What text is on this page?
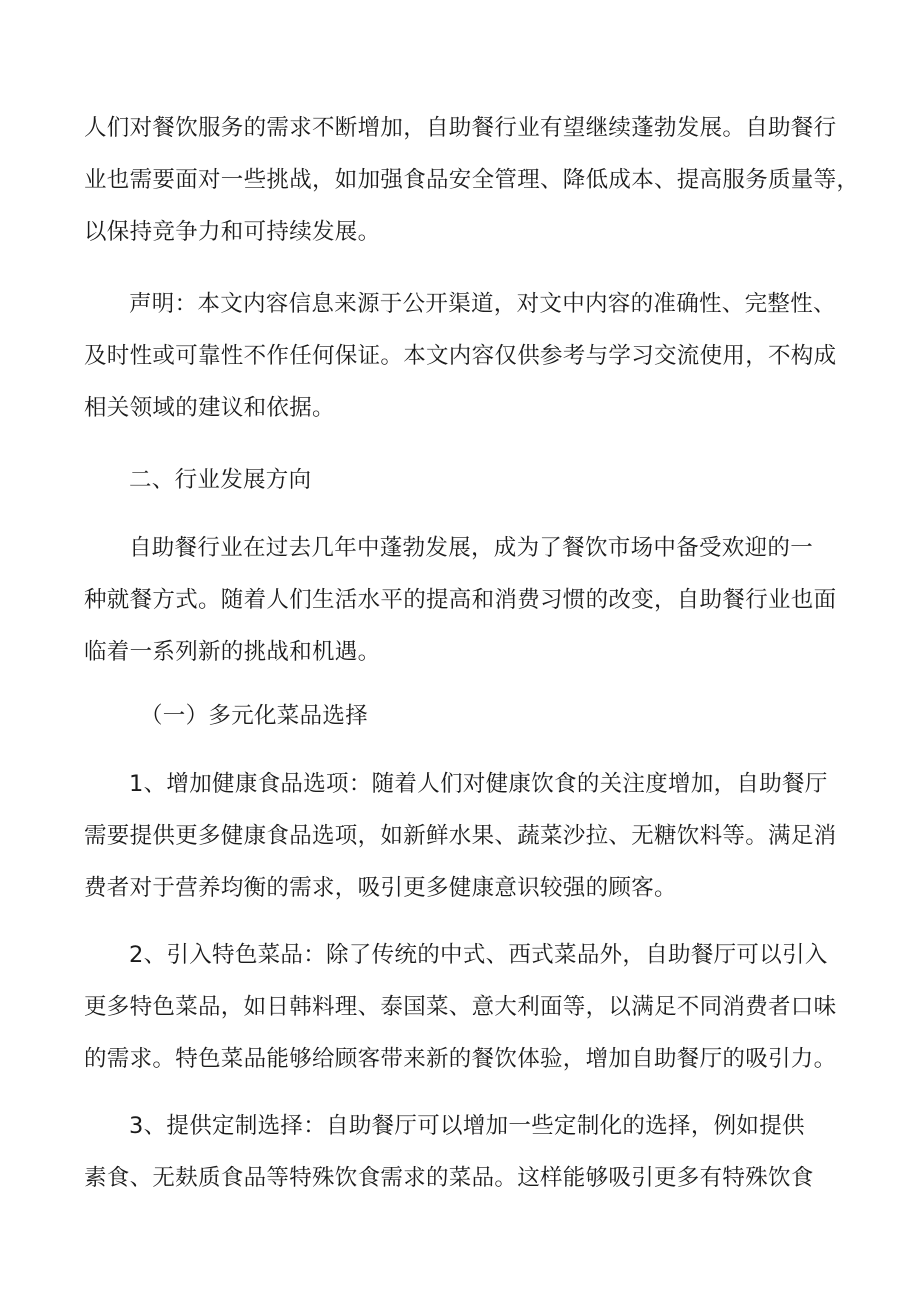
人们对餐饮服务的需求不断增加，自助餐行业有望继续蓬勃发展。自助餐行
业也需要面对一些挑战，如加强食品安全管理、降低成本、提高服务质量等，
以保持竞争力和可持续发展。
声明：本文内容信息来源于公开渠道，对文中内容的准确性、完整性、
及时性或可靠性不作任何保证。本文内容仅供参考与学习交流使用，不构成
相关领域的建议和依据。
二、行业发展方向
自助餐行业在过去几年中蓬勃发展，成为了餐饮市场中备受欢迎的一
种就餐方式。随着人们生活水平的提高和消费习惯的改变，自助餐行业也面
临着一系列新的挑战和机遇。
（一）多元化菜品选择
1、增加健康食品选项：随着人们对健康饮食的关注度增加，自助餐厅
需要提供更多健康食品选项，如新鲜水果、蔬菜沙拉、无糖饮料等。满足消
费者对于营养均衡的需求，吸引更多健康意识较强的顾客。
2、引入特色菜品：除了传统的中式、西式菜品外，自助餐厅可以引入
更多特色菜品，如日韩料理、泰国菜、意大利面等，以满足不同消费者口味
的需求。特色菜品能够给顾客带来新的餐饮体验，增加自助餐厅的吸引力。
3、提供定制选择：自助餐厅可以增加一些定制化的选择，例如提供
素食、无麸质食品等特殊饮食需求的菜品。这样能够吸引更多有特殊饮食
